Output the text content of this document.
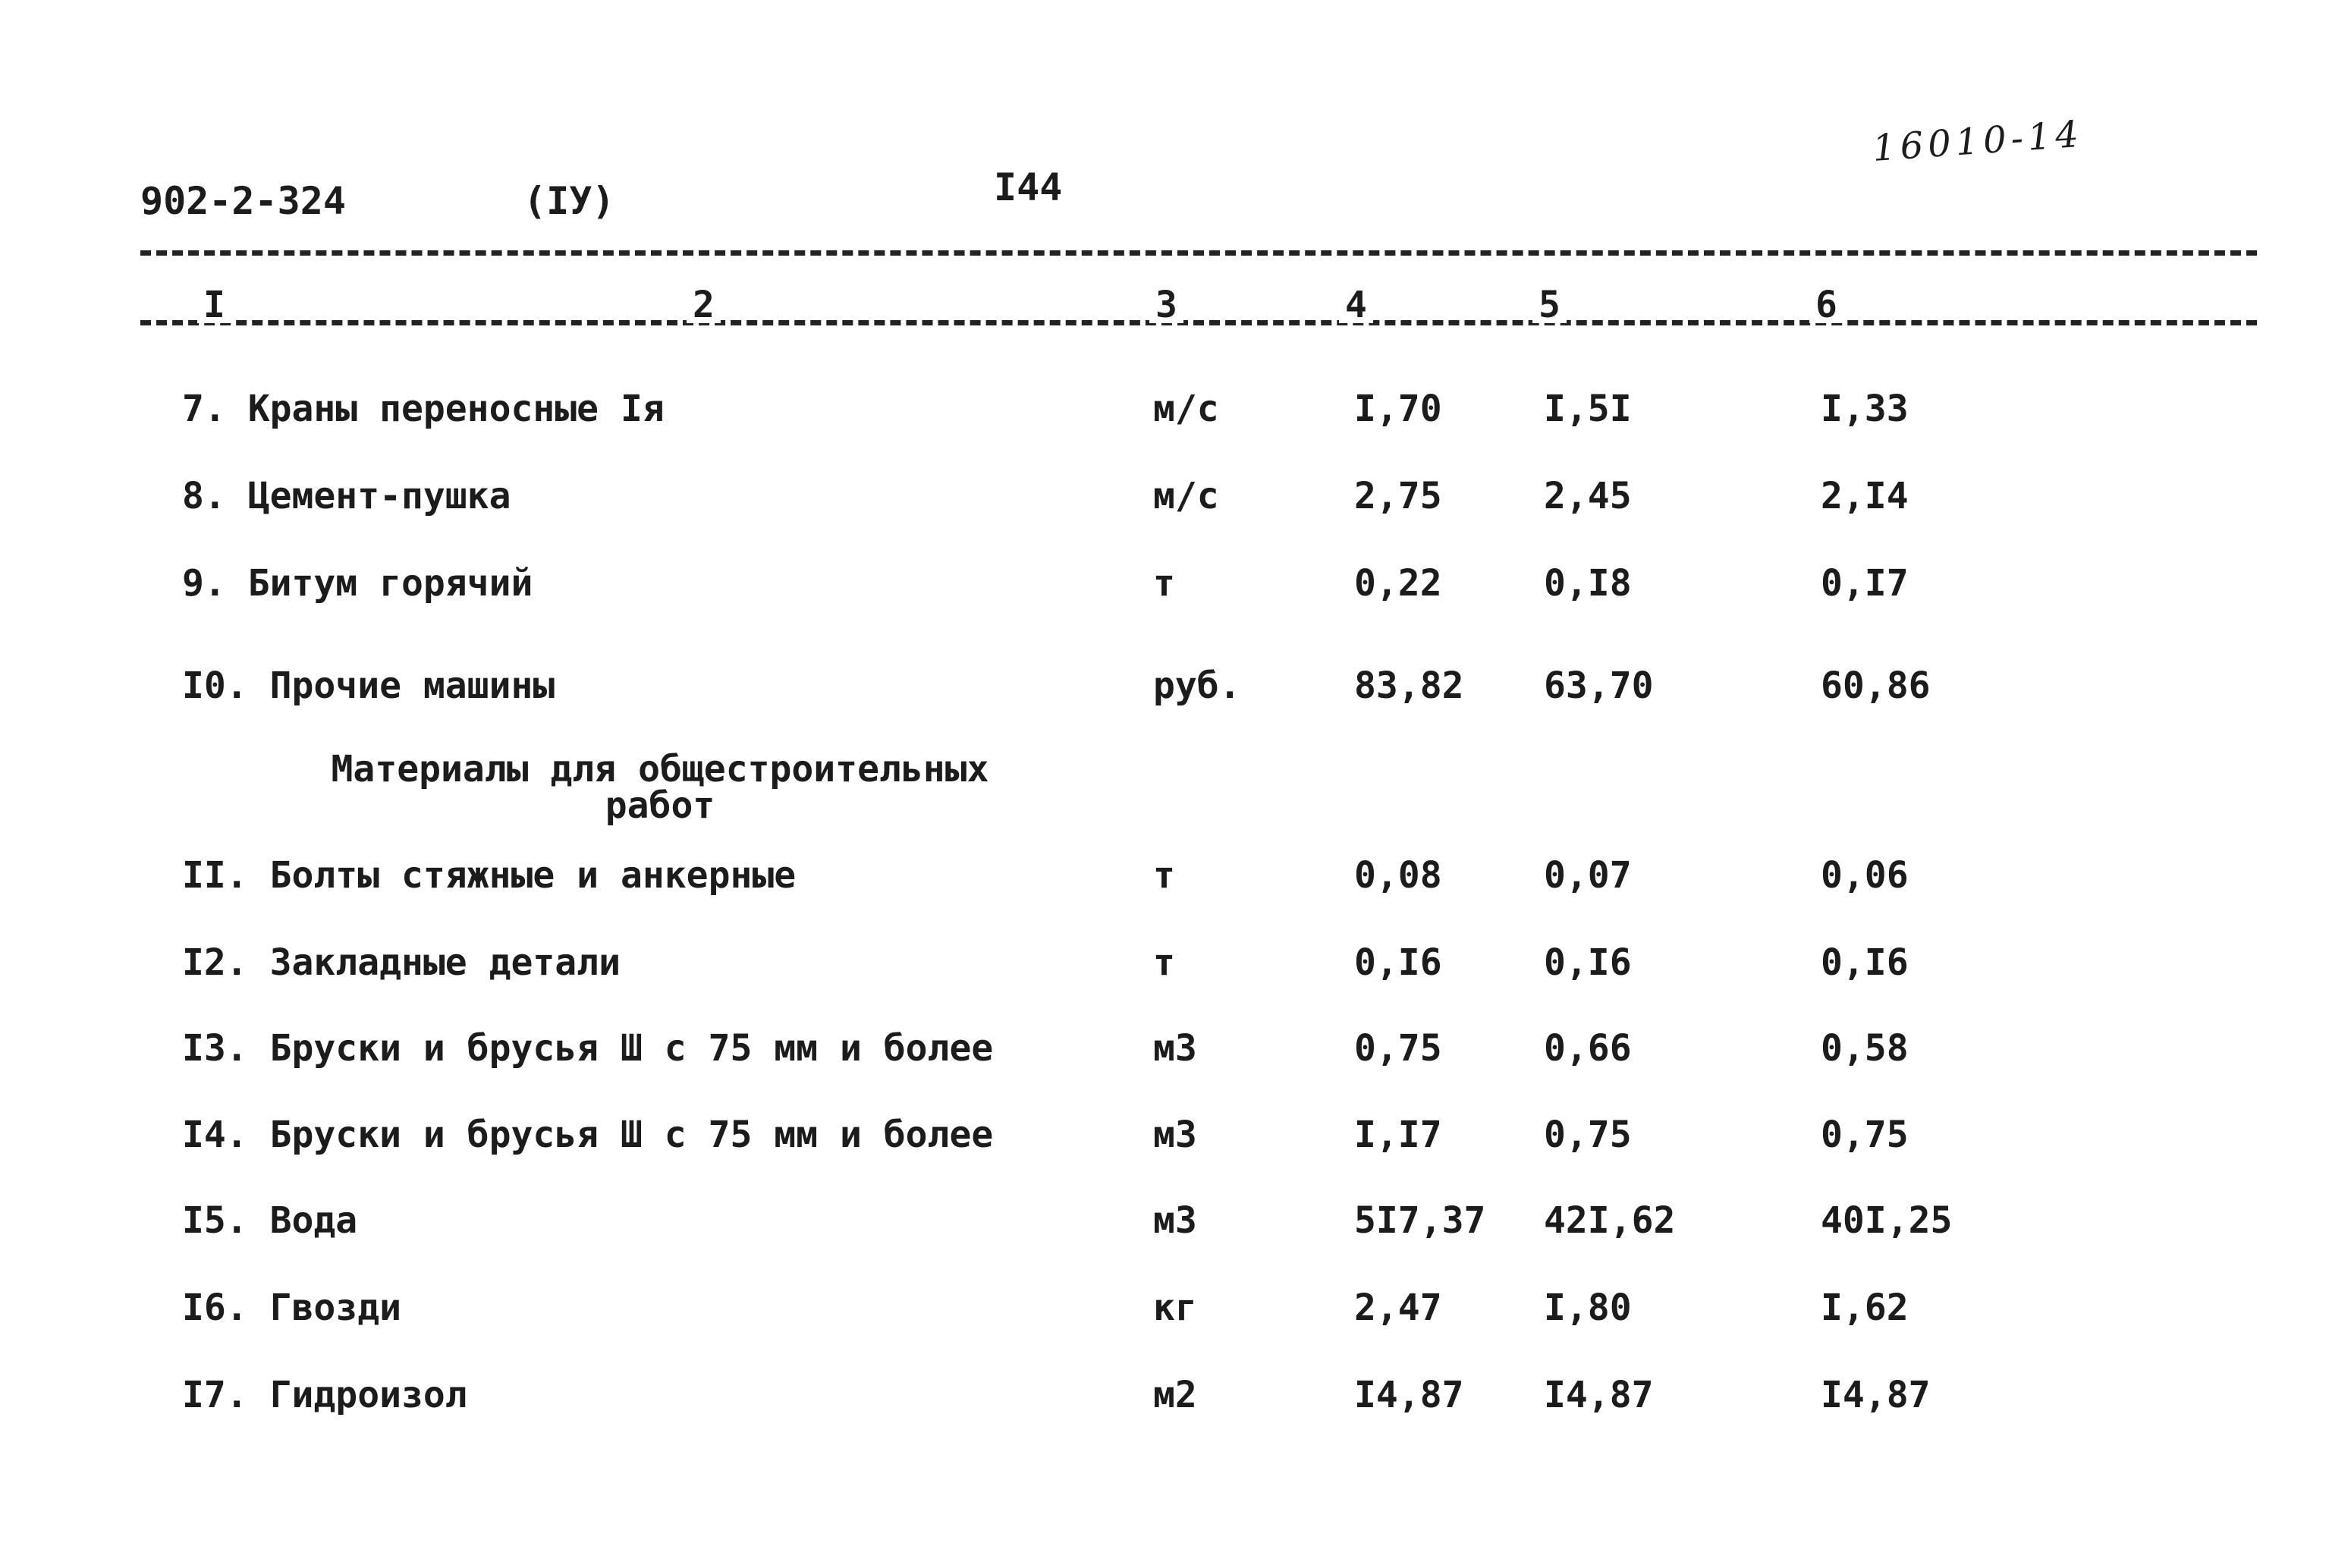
902-2-324	(IУ)	I44
16010-14
I	2	3	4	5	6
7. Краны переносные Iя	м/с	I,70	I,5I	I,33
8. Цемент-пушка	м/с	2,75	2,45	2,I4
9. Битум горячий	т	0,22	0,I8	0,I7
I0. Прочие машины	руб.	83,82 63,70	60,86
Материалы для общестроительных
работ
II. Болты стяжные и анкерные	т	0,08	0,07	0,06
I2. Закладные детали	т	0,I6	0,I6	0,I6
I3. Бруски и брусья Ш с 75 мм и более	м3	0,75	0,66	0,58
I4. Бруски и брусья Ш с 75 мм и более	м3	I,I7	0,75	0,75
I5. Вода	м3	5I7,37 42I,62	40I,25
I6. Гвозди	кг	2,47	I,80	I,62
I7. Гидроизол	м2	I4,87 I4,87	I4,87
